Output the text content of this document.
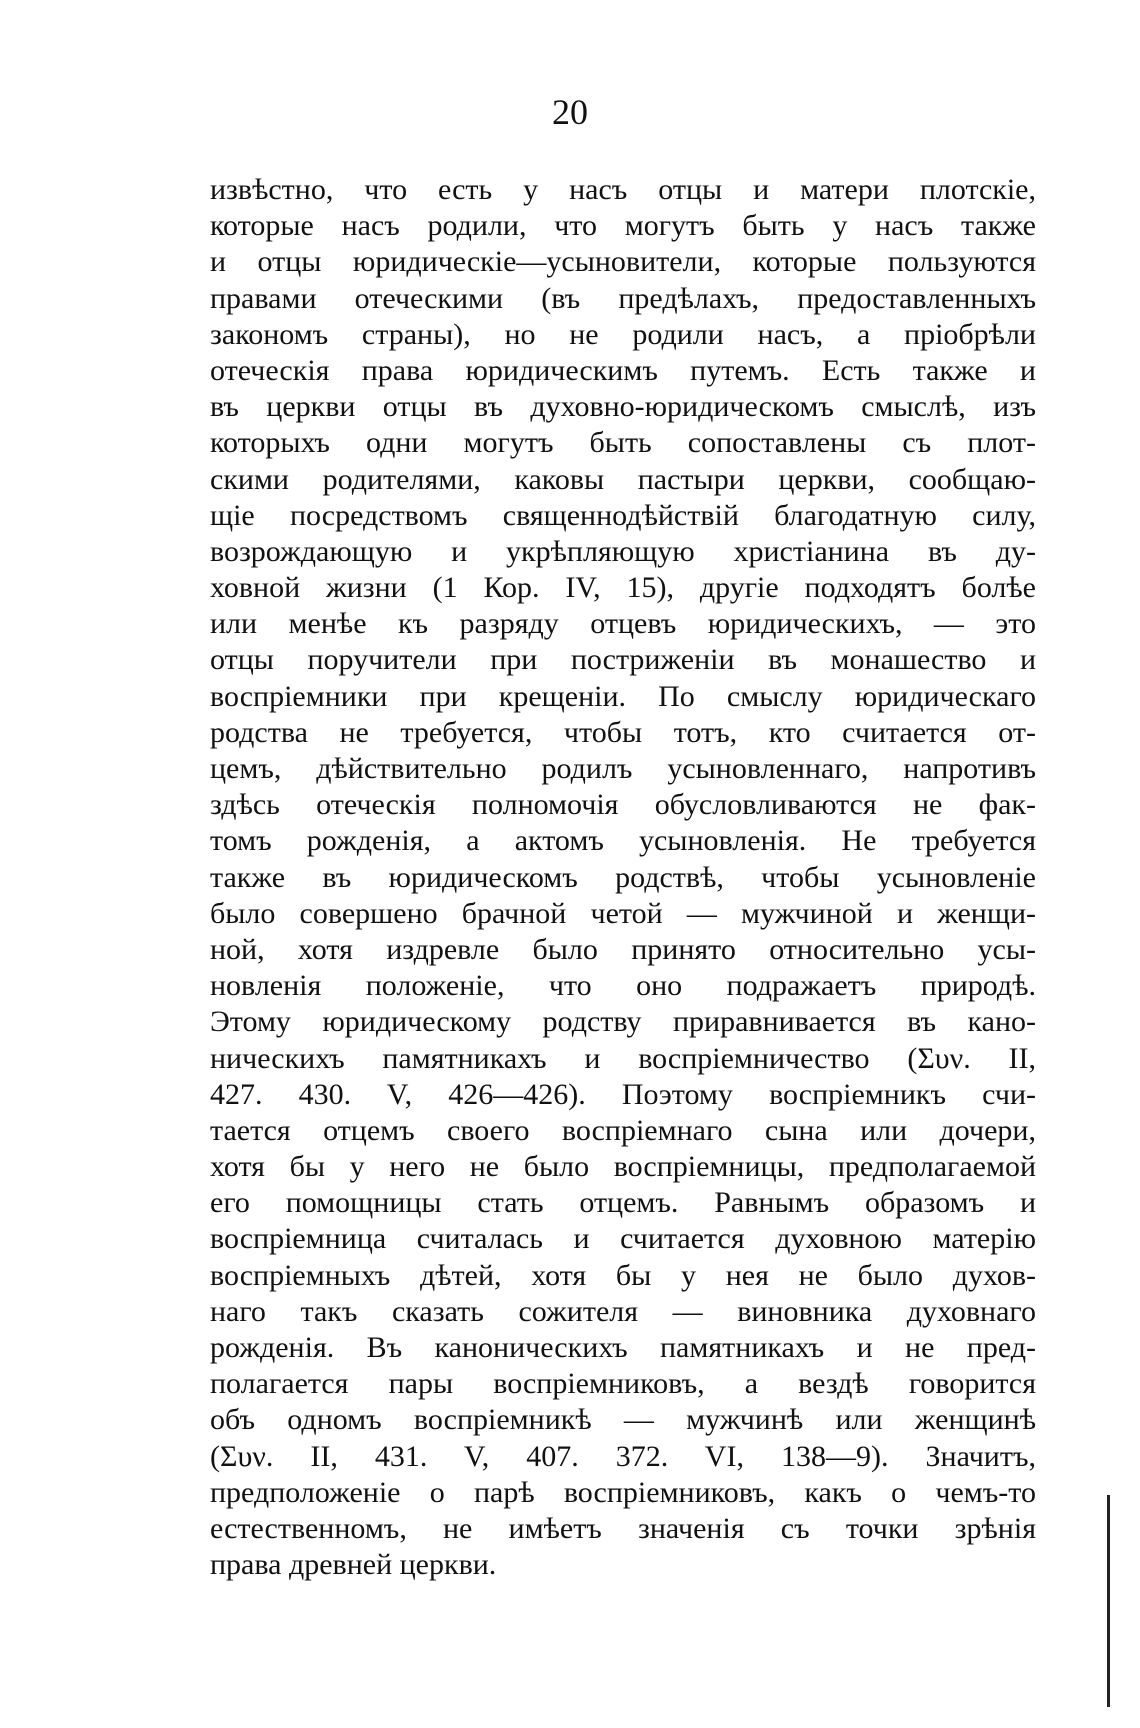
20
извѣстно, что есть у насъ отцы и матери плотскіе,
которые насъ родили, что могутъ быть у насъ также
и отцы юридическіе—усыновители, которые пользуются
правами отеческими (въ предѣлахъ, предоставленныхъ
закономъ страны), но не родили насъ, а пріобрѣли
отеческія права юридическимъ путемъ. Есть также и
въ церкви отцы въ духовно-юридическомъ смыслѣ, изъ
которыхъ одни могутъ быть сопоставлены съ плот-
скими родителями, каковы пастыри церкви, сообщаю-
щіе посредствомъ священнодѣйствій благодатную силу,
возрождающую и укрѣпляющую христіанина въ ду-
ховной жизни (1 Кор. IV, 15), другіе подходятъ болѣе
или менѣе къ разряду отцевъ юридическихъ, — это
отцы поручители при постриженіи въ монашество и
воспріемники при крещеніи. По смыслу юридическаго
родства не требуется, чтобы тотъ, кто считается от-
цемъ, дѣйствительно родилъ усыновленнаго, напротивъ
здѣсь отеческія полномочія обусловливаются не фак-
томъ рожденія, а актомъ усыновленія. Не требуется
также въ юридическомъ родствѣ, чтобы усыновленіе
было совершено брачной четой — мужчиной и женщи-
ной, хотя издревле было принято относительно усы-
новленія положеніе, что оно подражаетъ природѣ.
Этому юридическому родству приравнивается въ кано-
ническихъ памятникахъ и воспріемничество (Συν. II,
427. 430. V, 426—426). Поэтому воспріемникъ счи-
тается отцемъ своего воспріемнаго сына или дочери,
хотя бы у него не было воспріемницы, предполагаемой
его помощницы стать отцемъ. Равнымъ образомъ и
воспріемница считалась и считается духовною матерію
воспріемныхъ дѣтей, хотя бы у нея не было духов-
наго такъ сказать сожителя — виновника духовнаго
рожденія. Въ каноническихъ памятникахъ и не пред-
полагается пары воспріемниковъ, а вездѣ говорится
объ одномъ воспріемникѣ — мужчинѣ или женщинѣ
(Συν. II, 431. V, 407. 372. VI, 138—9). Значитъ,
предположеніе о парѣ воспріемниковъ, какъ о чемъ-то
естественномъ, не имѣетъ значенія съ точки зрѣнія
права древней церкви.
